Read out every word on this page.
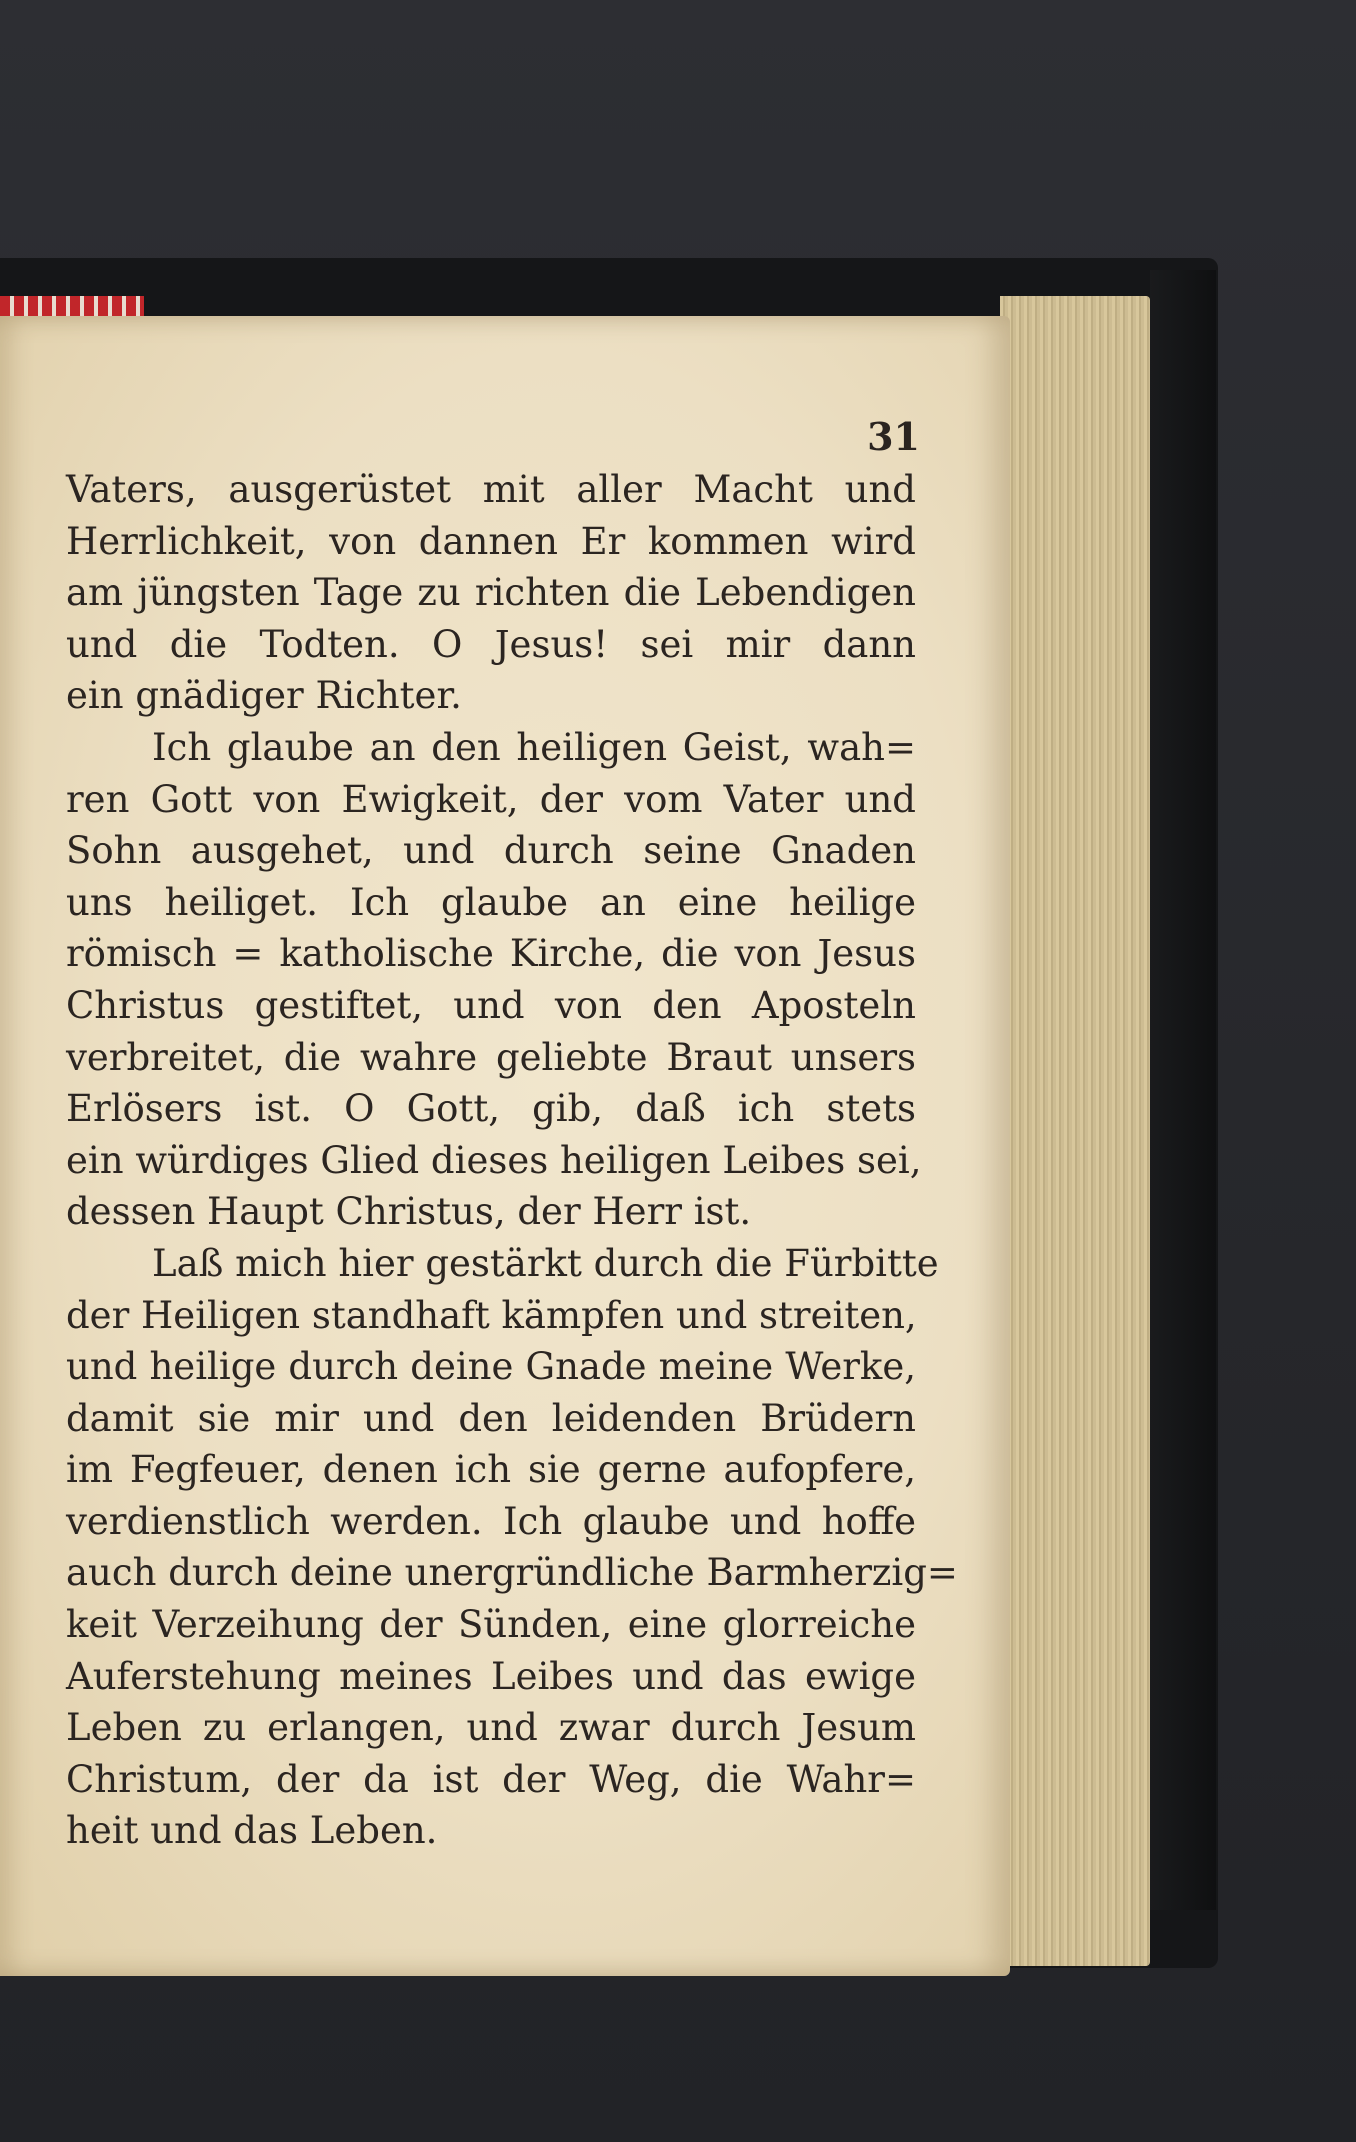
31
Vaters, ausgerüstet mit aller Macht und
Herrlichkeit, von dannen Er kommen wird
am jüngsten Tage zu richten die Lebendigen
und die Todten. O Jesus! sei mir dann
ein gnädiger Richter.
Ich glaube an den heiligen Geist, wah=
ren Gott von Ewigkeit, der vom Vater und
Sohn ausgehet, und durch seine Gnaden
uns heiliget. Ich glaube an eine heilige
römisch = katholische Kirche, die von Jesus
Christus gestiftet, und von den Aposteln
verbreitet, die wahre geliebte Braut unsers
Erlösers ist. O Gott, gib, daß ich stets
ein würdiges Glied dieses heiligen Leibes sei,
dessen Haupt Christus, der Herr ist.
Laß mich hier gestärkt durch die Fürbitte
der Heiligen standhaft kämpfen und streiten,
und heilige durch deine Gnade meine Werke,
damit sie mir und den leidenden Brüdern
im Fegfeuer, denen ich sie gerne aufopfere,
verdienstlich werden. Ich glaube und hoffe
auch durch deine unergründliche Barmherzig=
keit Verzeihung der Sünden, eine glorreiche
Auferstehung meines Leibes und das ewige
Leben zu erlangen, und zwar durch Jesum
Christum, der da ist der Weg, die Wahr=
heit und das Leben.
